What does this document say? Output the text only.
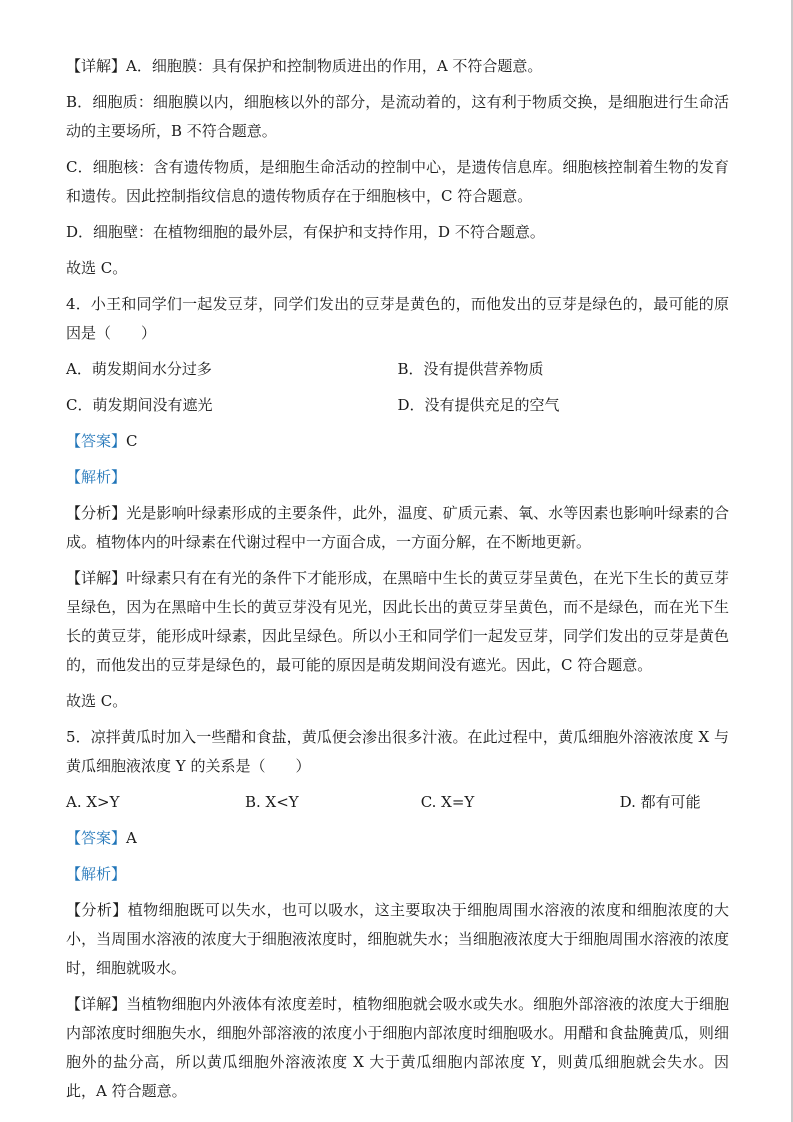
【详解】A．细胞膜：具有保护和控制物质进出的作用，A 不符合题意。

B．细胞质：细胞膜以内，细胞核以外的部分，是流动着的，这有利于物质交换，是细胞进行生命活动的主要场所，B 不符合题意。

C．细胞核：含有遗传物质，是细胞生命活动的控制中心，是遗传信息库。细胞核控制着生物的发育和遗传。因此控制指纹信息的遗传物质存在于细胞核中，C 符合题意。

D．细胞壁：在植物细胞的最外层，有保护和支持作用，D 不符合题意。

故选 C。

4．小王和同学们一起发豆芽，同学们发出的豆芽是黄色的，而他发出的豆芽是绿色的，最可能的原因是（　　）

A．萌发期间水分过多	B．没有提供营养物质
C．萌发期间没有遮光	D．没有提供充足的空气

【答案】C

【解析】

【分析】光是影响叶绿素形成的主要条件，此外，温度、矿质元素、氧、水等因素也影响叶绿素的合成。植物体内的叶绿素在代谢过程中一方面合成，一方面分解，在不断地更新。

【详解】叶绿素只有在有光的条件下才能形成，在黑暗中生长的黄豆芽呈黄色，在光下生长的黄豆芽呈绿色，因为在黑暗中生长的黄豆芽没有见光，因此长出的黄豆芽呈黄色，而不是绿色，而在光下生长的黄豆芽，能形成叶绿素，因此呈绿色。所以小王和同学们一起发豆芽，同学们发出的豆芽是黄色的，而他发出的豆芽是绿色的，最可能的原因是萌发期间没有遮光。因此，C 符合题意。

故选 C。

5．凉拌黄瓜时加入一些醋和食盐，黄瓜便会渗出很多汁液。在此过程中，黄瓜细胞外溶液浓度 X 与黄瓜细胞液浓度 Y 的关系是（　　）

A. X>Y	B. X<Y	C. X=Y	D. 都有可能

【答案】A

【解析】

【分析】植物细胞既可以失水，也可以吸水，这主要取决于细胞周围水溶液的浓度和细胞浓度的大小，当周围水溶液的浓度大于细胞液浓度时，细胞就失水；当细胞液浓度大于细胞周围水溶液的浓度时，细胞就吸水。

【详解】当植物细胞内外液体有浓度差时，植物细胞就会吸水或失水。细胞外部溶液的浓度大于细胞内部浓度时细胞失水，细胞外部溶液的浓度小于细胞内部浓度时细胞吸水。用醋和食盐腌黄瓜，则细胞外的盐分高，所以黄瓜细胞外溶液浓度 X 大于黄瓜细胞内部浓度 Y，则黄瓜细胞就会失水。因此，A 符合题意。
